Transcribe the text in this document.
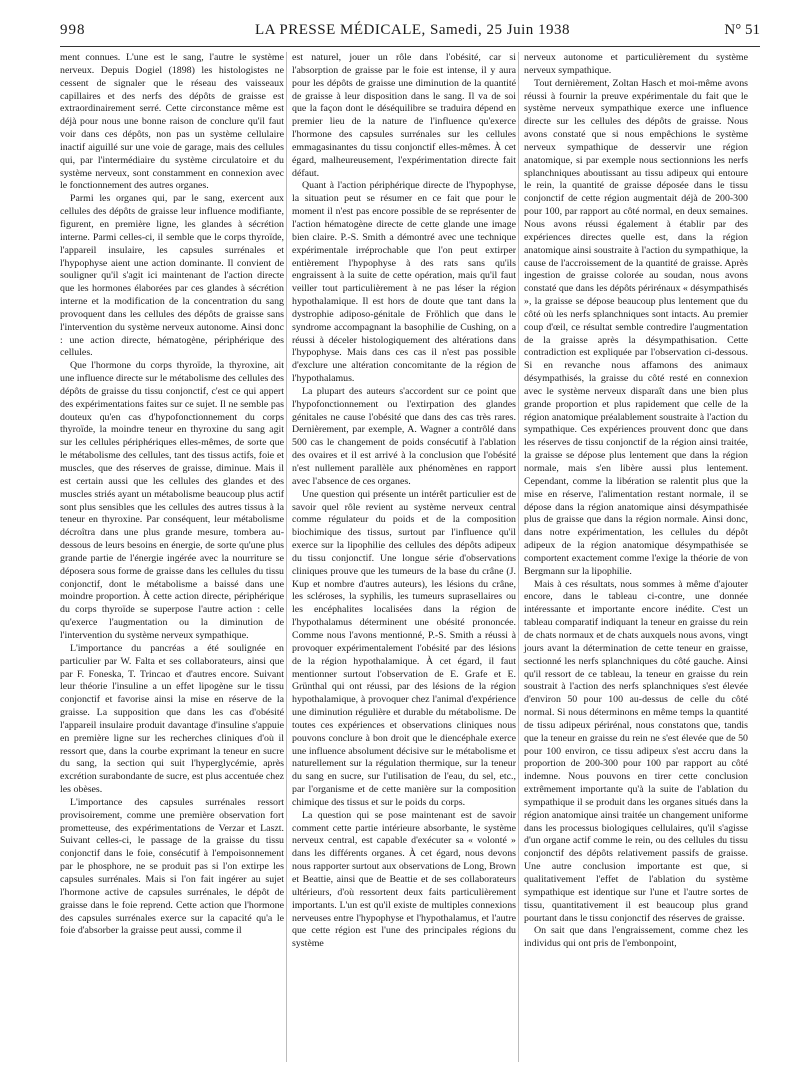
998	LA PRESSE MÉDICALE, Samedi, 25 Juin 1938	N° 51

ment connues. L'une est le sang, l'autre le système nerveux. Depuis Dogiel (1898) les histologistes ne cessent de signaler que le réseau des vaisseaux capillaires et des nerfs des dépôts de graisse est extraordinairement serré. Cette circonstance même est déjà pour nous une bonne raison de conclure qu'il faut voir dans ces dépôts, non pas un système cellulaire inactif aiguillé sur une voie de garage, mais des cellules qui, par l'intermédiaire du système circulatoire et du système nerveux, sont constamment en connexion avec le fonctionnement des autres organes.

Parmi les organes qui, par le sang, exercent aux cellules des dépôts de graisse leur influence modifiante, figurent, en première ligne, les glandes à sécrétion interne. Parmi celles-ci, il semble que le corps thyroïde, l'appareil insulaire, les capsules surrénales et l'hypophyse aient une action dominante. Il convient de souligner qu'il s'agit ici maintenant de l'action directe que les hormones élaborées par ces glandes à sécrétion interne et la modification de la concentration du sang provoquent dans les cellules des dépôts de graisse sans l'intervention du système nerveux autonome. Ainsi donc : une action directe, hématogène, périphérique des cellules.

Que l'hormone du corps thyroïde, la thyroxine, ait une influence directe sur le métabolisme des cellules des dépôts de graisse du tissu conjonctif, c'est ce qui appert des expérimentations faites sur ce sujet. Il ne semble pas douteux qu'en cas d'hypofonctionnement du corps thyroïde, la moindre teneur en thyroxine du sang agit sur les cellules périphériques elles-mêmes, de sorte que le métabolisme des cellules, tant des tissus actifs, foie et muscles, que des réserves de graisse, diminue. Mais il est certain aussi que les cellules des glandes et des muscles striés ayant un métabolisme beaucoup plus actif sont plus sensibles que les cellules des autres tissus à la teneur en thyroxine. Par conséquent, leur métabolisme décroîtra dans une plus grande mesure, tombera au-dessous de leurs besoins en énergie, de sorte qu'une plus grande partie de l'énergie ingérée avec la nourriture se déposera sous forme de graisse dans les cellules du tissu conjonctif, dont le métabolisme a baissé dans une moindre proportion. À cette action directe, périphérique du corps thyroïde se superpose l'autre action : celle qu'exerce l'augmentation ou la diminution de l'intervention du système nerveux sympathique.

L'importance du pancréas a été soulignée en particulier par W. Falta et ses collaborateurs, ainsi que par F. Foneska, T. Trincao et d'autres encore. Suivant leur théorie l'insuline a un effet lipogène sur le tissu conjonctif et favorise ainsi la mise en réserve de la graisse. La supposition que dans les cas d'obésité l'appareil insulaire produit davantage d'insuline s'appuie en première ligne sur les recherches cliniques d'où il ressort que, dans la courbe exprimant la teneur en sucre du sang, la section qui suit l'hyperglycémie, après excrétion surabondante de sucre, est plus accentuée chez les obèses.

L'importance des capsules surrénales ressort provisoirement, comme une première observation fort prometteuse, des expérimentations de Verzar et Laszt. Suivant celles-ci, le passage de la graisse du tissu conjonctif dans le foie, consécutif à l'empoisonnement par le phosphore, ne se produit pas si l'on extirpe les capsules surrénales. Mais si l'on fait ingérer au sujet l'hormone active de capsules surrénales, le dépôt de graisse dans le foie reprend. Cette action que l'hormone des capsules surrénales exerce sur la capacité qu'a le foie d'absorber la graisse peut aussi, comme il

est naturel, jouer un rôle dans l'obésité, car si l'absorption de graisse par le foie est intense, il y aura pour les dépôts de graisse une diminution de la quantité de graisse à leur disposition dans le sang. Il va de soi que la façon dont le déséquilibre se traduira dépend en premier lieu de la nature de l'influence qu'exerce l'hormone des capsules surrénales sur les cellules emmagasinantes du tissu conjonctif elles-mêmes. À cet égard, malheureusement, l'expérimentation directe fait défaut.

Quant à l'action périphérique directe de l'hypophyse, la situation peut se résumer en ce fait que pour le moment il n'est pas encore possible de se représenter de l'action hématogène directe de cette glande une image bien claire. P.-S. Smith a démontré avec une technique expérimentale irréprochable que l'on peut extirper entièrement l'hypophyse à des rats sans qu'ils engraissent à la suite de cette opération, mais qu'il faut veiller tout particulièrement à ne pas léser la région hypothalamique. Il est hors de doute que tant dans la dystrophie adiposo-génitale de Fröhlich que dans le syndrome accompagnant la basophilie de Cushing, on a réussi à déceler histologiquement des altérations dans l'hypophyse. Mais dans ces cas il n'est pas possible d'exclure une altération concomitante de la région de l'hypothalamus.

La plupart des auteurs s'accordent sur ce point que l'hypofonctionnement ou l'extirpation des glandes génitales ne cause l'obésité que dans des cas très rares. Dernièrement, par exemple, A. Wagner a contrôlé dans 500 cas le changement de poids consécutif à l'ablation des ovaires et il est arrivé à la conclusion que l'obésité n'est nullement parallèle aux phénomènes en rapport avec l'absence de ces organes.

Une question qui présente un intérêt particulier est de savoir quel rôle revient au système nerveux central comme régulateur du poids et de la composition biochimique des tissus, surtout par l'influence qu'il exerce sur la lipophilie des cellules des dépôts adipeux du tissu conjonctif. Une longue série d'observations cliniques prouve que les tumeurs de la base du crâne (J. Kup et nombre d'autres auteurs), les lésions du crâne, les scléroses, la syphilis, les tumeurs suprasellaires ou les encéphalites localisées dans la région de l'hypothalamus déterminent une obésité prononcée. Comme nous l'avons mentionné, P.-S. Smith a réussi à provoquer expérimentalement l'obésité par des lésions de la région hypothalamique. À cet égard, il faut mentionner surtout l'observation de E. Grafe et E. Grünthal qui ont réussi, par des lésions de la région hypothalamique, à provoquer chez l'animal d'expérience une diminution régulière et durable du métabolisme. De toutes ces expériences et observations cliniques nous pouvons conclure à bon droit que le diencéphale exerce une influence absolument décisive sur le métabolisme et naturellement sur la régulation thermique, sur la teneur du sang en sucre, sur l'utilisation de l'eau, du sel, etc., par l'organisme et de cette manière sur la composition chimique des tissus et sur le poids du corps.

La question qui se pose maintenant est de savoir comment cette partie intérieure absorbante, le système nerveux central, est capable d'exécuter sa « volonté » dans les différents organes. À cet égard, nous devons nous rapporter surtout aux observations de Long, Brown et Beattie, ainsi que de Beattie et de ses collaborateurs ultérieurs, d'où ressortent deux faits particulièrement importants. L'un est qu'il existe de multiples connexions nerveuses entre l'hypophyse et l'hypothalamus, et l'autre que cette région est l'une des principales régions du système

nerveux autonome et particulièrement du système nerveux sympathique.

Tout dernièrement, Zoltan Hasch et moi-même avons réussi à fournir la preuve expérimentale du fait que le système nerveux sympathique exerce une influence directe sur les cellules des dépôts de graisse. Nous avons constaté que si nous empêchions le système nerveux sympathique de desservir une région anatomique, si par exemple nous sectionnions les nerfs splanchniques aboutissant au tissu adipeux qui entoure le rein, la quantité de graisse déposée dans le tissu conjonctif de cette région augmentait déjà de 200-300 pour 100, par rapport au côté normal, en deux semaines. Nous avons réussi également à établir par des expériences directes quelle est, dans la région anatomique ainsi soustraite à l'action du sympathique, la cause de l'accroissement de la quantité de graisse. Après ingestion de graisse colorée au soudan, nous avons constaté que dans les dépôts périrénaux « désympathisés », la graisse se dépose beaucoup plus lentement que du côté où les nerfs splanchniques sont intacts. Au premier coup d'œil, ce résultat semble contredire l'augmentation de la graisse après la désympathisation. Cette contradiction est expliquée par l'observation ci-dessous. Si en revanche nous affamons des animaux désympathisés, la graisse du côté resté en connexion avec le système nerveux disparaît dans une bien plus grande proportion et plus rapidement que celle de la région anatomique préalablement soustraite à l'action du sympathique. Ces expériences prouvent donc que dans les réserves de tissu conjonctif de la région ainsi traitée, la graisse se dépose plus lentement que dans la région normale, mais s'en libère aussi plus lentement. Cependant, comme la libération se ralentit plus que la mise en réserve, l'alimentation restant normale, il se dépose dans la région anatomique ainsi désympathisée plus de graisse que dans la région normale. Ainsi donc, dans notre expérimentation, les cellules du dépôt adipeux de la région anatomique désympathisée se comportent exactement comme l'exige la théorie de von Bergmann sur la lipophilie.

Mais à ces résultats, nous sommes à même d'ajouter encore, dans le tableau ci-contre, une donnée intéressante et importante encore inédite. C'est un tableau comparatif indiquant la teneur en graisse du rein de chats normaux et de chats auxquels nous avons, vingt jours avant la détermination de cette teneur en graisse, sectionné les nerfs splanchniques du côté gauche. Ainsi qu'il ressort de ce tableau, la teneur en graisse du rein soustrait à l'action des nerfs splanchniques s'est élevée d'environ 50 pour 100 au-dessus de celle du côté normal. Si nous déterminons en même temps la quantité de tissu adipeux périrénal, nous constatons que, tandis que la teneur en graisse du rein ne s'est élevée que de 50 pour 100 environ, ce tissu adipeux s'est accru dans la proportion de 200-300 pour 100 par rapport au côté indemne. Nous pouvons en tirer cette conclusion extrêmement importante qu'à la suite de l'ablation du sympathique il se produit dans les organes situés dans la région anatomique ainsi traitée un changement uniforme dans les processus biologiques cellulaires, qu'il s'agisse d'un organe actif comme le rein, ou des cellules du tissu conjonctif des dépôts relativement passifs de graisse. Une autre conclusion importante est que, si qualitativement l'effet de l'ablation du système sympathique est identique sur l'une et l'autre sortes de tissu, quantitativement il est beaucoup plus grand pourtant dans le tissu conjonctif des réserves de graisse.

On sait que dans l'engraissement, comme chez les individus qui ont pris de l'embonpoint,
